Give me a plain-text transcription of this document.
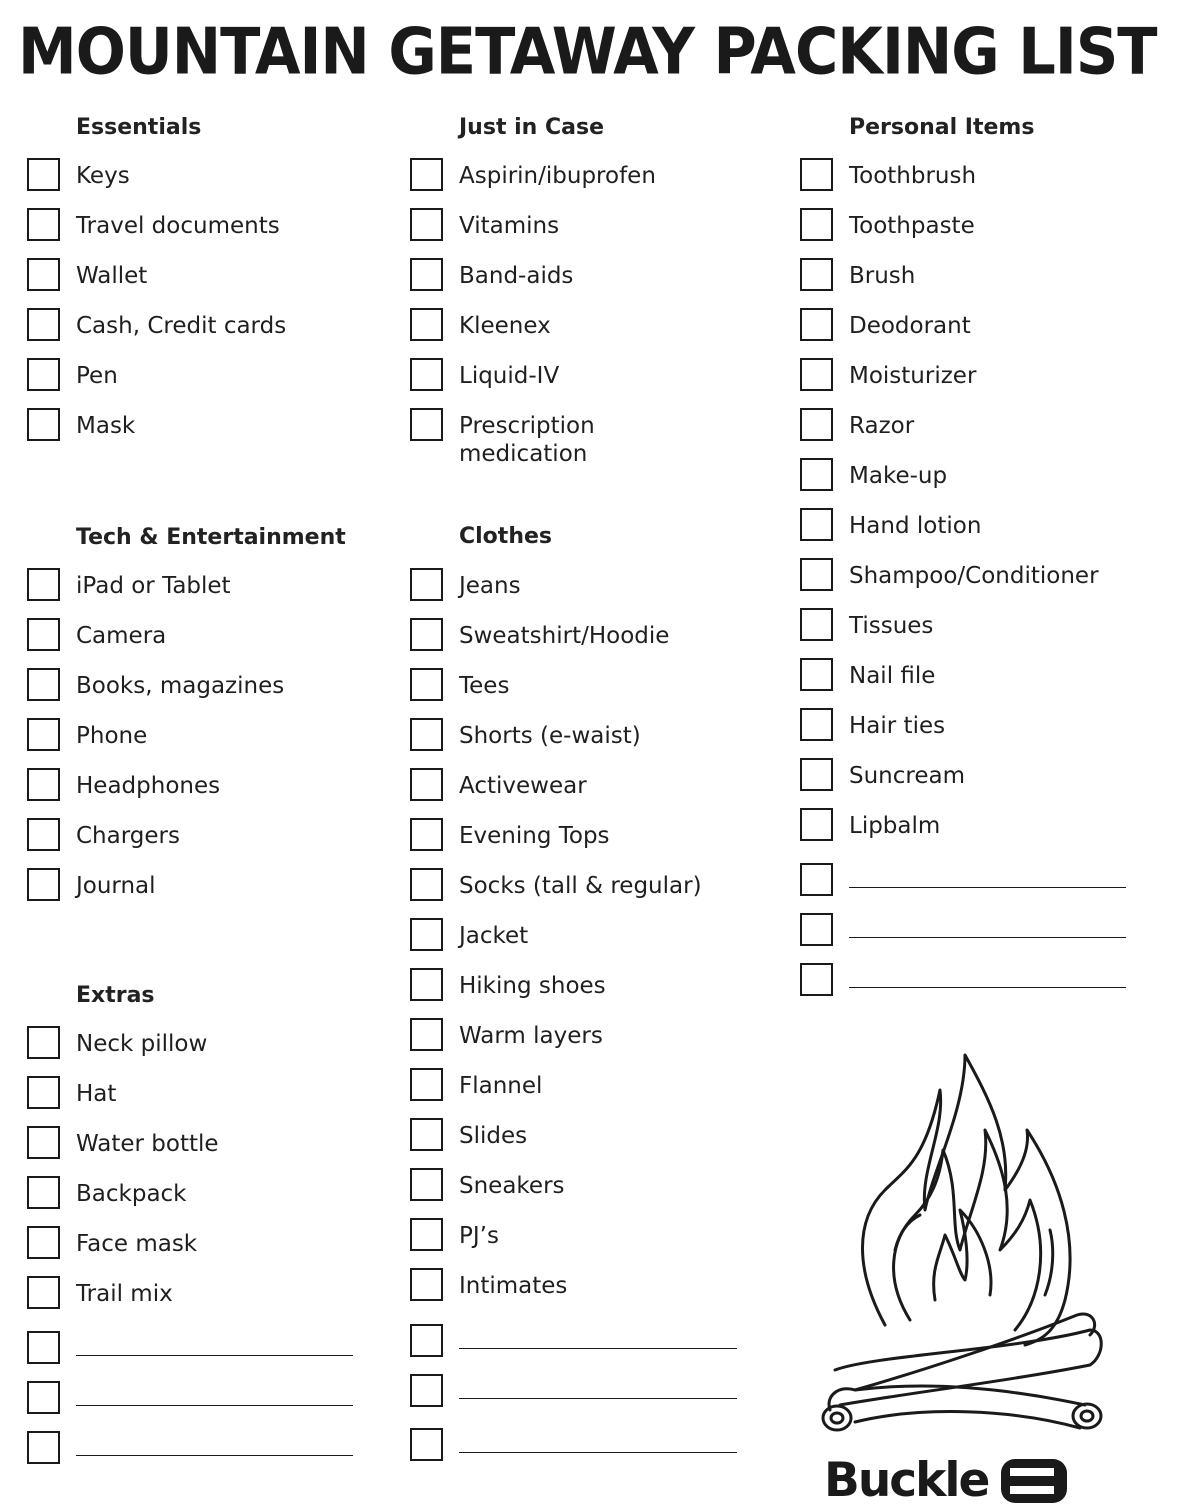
MOUNTAIN GETAWAY PACKING LIST
Essentials
Keys
Travel documents
Wallet
Cash, Credit cards
Pen
Mask
Just in Case
Aspirin/ibuprofen
Vitamins
Band-aids
Kleenex
Liquid-IV
Prescription
medication
Personal Items
Toothbrush
Toothpaste
Brush
Deodorant
Moisturizer
Razor
Make-up
Hand lotion
Shampoo/Conditioner
Tissues
Nail file
Hair ties
Suncream
Lipbalm
Tech & Entertainment
iPad or Tablet
Camera
Books, magazines
Phone
Headphones
Chargers
Journal
Clothes
Jeans
Sweatshirt/Hoodie
Tees
Shorts (e-waist)
Activewear
Evening Tops
Socks (tall & regular)
Jacket
Hiking shoes
Warm layers
Flannel
Slides
Sneakers
PJ’s
Intimates
Extras
Neck pillow
Hat
Water bottle
Backpack
Face mask
Trail mix
Buckle
